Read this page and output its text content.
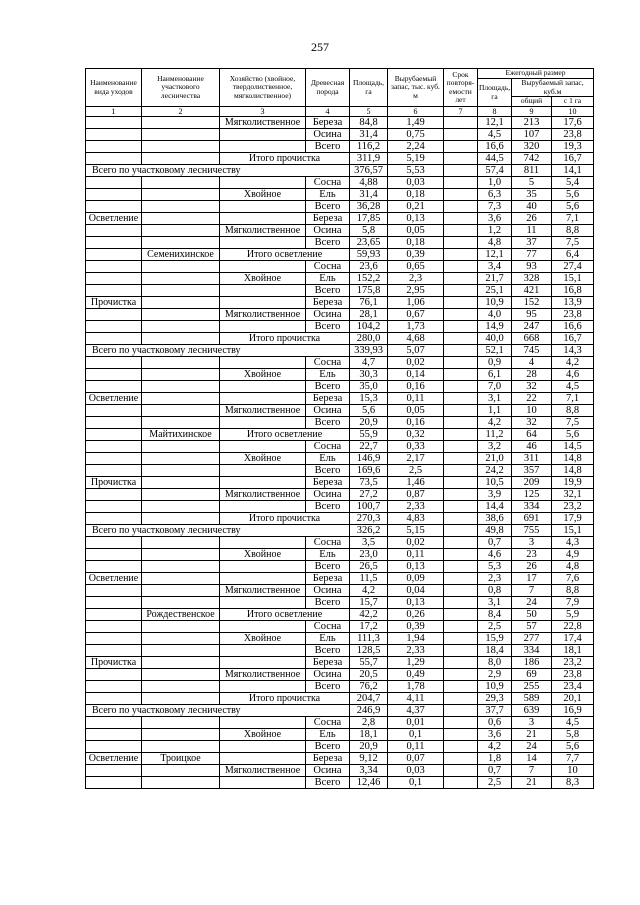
257
Наименование вида уходов	Наименование участкового лесничества	Хозяйство (хвойное, твердолиственное, мягколиственное)	Древесная порода	Площадь, га	Вырубаемый запас, тыс. куб. м	Срок повторя-емости лет	Ежегодный размер		
							Площадь, га	Вырубаемый запас, куб.м	
								общий	с 1 га
1	2	3	4	5	6	7	8	9	10
		Мягколиственное	Береза	84,8	1,49		12,1	213	17,6
			Осина	31,4	0,75		4,5	107	23,8
			Всего	116,2	2,24		16,6	320	19,3
		Итого прочистка		311,9	5,19		44,5	742	16,7
Всего по участковому лесничеству				376,57	5,53		57,4	811	14,1
			Сосна	4,88	0,03		1,0	5	5,4
		Хвойное	Ель	31,4	0,18		6,3	35	5,6
			Всего	36,28	0,21		7,3	40	5,6
Осветление			Береза	17,85	0,13		3,6	26	7,1
		Мягколиственное	Осина	5,8	0,05		1,2	11	8,8
			Всего	23,65	0,18		4,8	37	7,5
	Семенихинское	Итого осветление		59,93	0,39		12,1	77	6,4
			Сосна	23,6	0,65		3,4	93	27,4
		Хвойное	Ель	152,2	2,3		21,7	328	15,1
			Всего	175,8	2,95		25,1	421	16,8
Прочистка			Береза	76,1	1,06		10,9	152	13,9
		Мягколиственное	Осина	28,1	0,67		4,0	95	23,8
			Всего	104,2	1,73		14,9	247	16,6
		Итого прочистка		280,0	4,68		40,0	668	16,7
Всего по участковому лесничеству				339,93	5,07		52,1	745	14,3
			Сосна	4,7	0,02		0,9	4	4,2
		Хвойное	Ель	30,3	0,14		6,1	28	4,6
			Всего	35,0	0,16		7,0	32	4,5
Осветление			Береза	15,3	0,11		3,1	22	7,1
		Мягколиственное	Осина	5,6	0,05		1,1	10	8,8
			Всего	20,9	0,16		4,2	32	7,5
	Майтихинское	Итого осветление		55,9	0,32		11,2	64	5,6
			Сосна	22,7	0,33		3,2	46	14,5
		Хвойное	Ель	146,9	2,17		21,0	311	14,8
			Всего	169,6	2,5		24,2	357	14,8
Прочистка			Береза	73,5	1,46		10,5	209	19,9
		Мягколиственное	Осина	27,2	0,87		3,9	125	32,1
			Всего	100,7	2,33		14,4	334	23,2
		Итого прочистка		270,3	4,83		38,6	691	17,9
Всего по участковому лесничеству				326,2	5,15		49,8	755	15,1
			Сосна	3,5	0,02		0,7	3	4,3
		Хвойное	Ель	23,0	0,11		4,6	23	4,9
			Всего	26,5	0,13		5,3	26	4,8
Осветление			Береза	11,5	0,09		2,3	17	7,6
		Мягколиственное	Осина	4,2	0,04		0,8	7	8,8
			Всего	15,7	0,13		3,1	24	7,9
	Рождественское	Итого осветление		42,2	0,26		8,4	50	5,9
			Сосна	17,2	0,39		2,5	57	22,8
		Хвойное	Ель	111,3	1,94		15,9	277	17,4
			Всего	128,5	2,33		18,4	334	18,1
Прочистка			Береза	55,7	1,29		8,0	186	23,2
		Мягколиственное	Осина	20,5	0,49		2,9	69	23,8
			Всего	76,2	1,78		10,9	255	23,4
		Итого прочистка		204,7	4,11		29,3	589	20,1
Всего по участковому лесничеству				246,9	4,37		37,7	639	16,9
			Сосна	2,8	0,01		0,6	3	4,5
		Хвойное	Ель	18,1	0,1		3,6	21	5,8
			Всего	20,9	0,11		4,2	24	5,6
Осветление	Троицкое		Береза	9,12	0,07		1,8	14	7,7
		Мягколиственное	Осина	3,34	0,03		0,7	7	10
			Всего	12,46	0,1		2,5	21	8,3
